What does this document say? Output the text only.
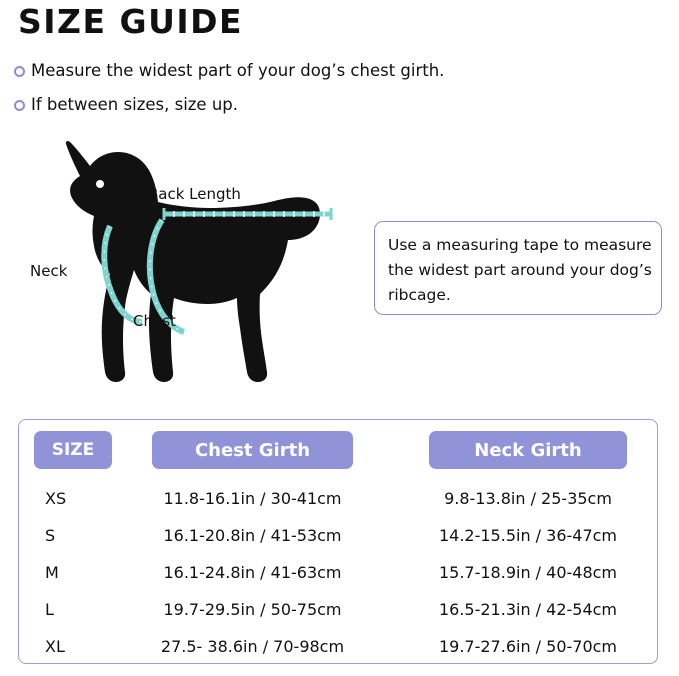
SIZE GUIDE
Measure the widest part of your dog’s chest girth.
If between sizes, size up.
Back Length
Neck
Chest
Use a measuring tape to measure the widest part around your dog’s ribcage.
SIZE	Chest Girth	Neck Girth
XS	11.8-16.1in / 30-41cm	9.8-13.8in / 25-35cm
S	16.1-20.8in / 41-53cm	14.2-15.5in / 36-47cm
M	16.1-24.8in / 41-63cm	15.7-18.9in / 40-48cm
L	19.7-29.5in / 50-75cm	16.5-21.3in / 42-54cm
XL	27.5- 38.6in / 70-98cm	19.7-27.6in / 50-70cm
